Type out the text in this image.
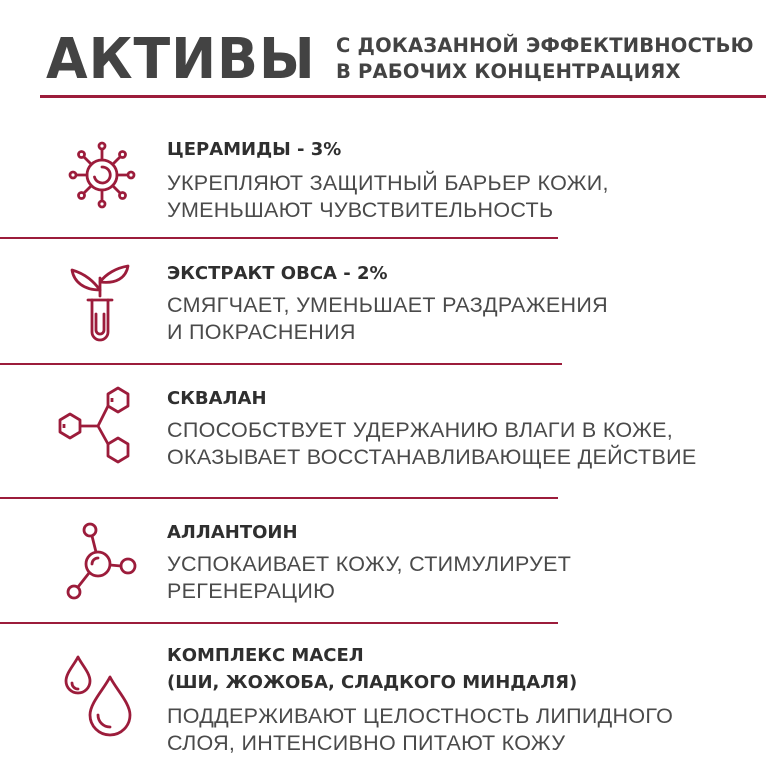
АКТИВЫ С ДОКАЗАННОЙ ЭФФЕКТИВНОСТЬЮ
В РАБОЧИХ КОНЦЕНТРАЦИЯХ
ЦЕРАМИДЫ - 3%
УКРЕПЛЯЮТ ЗАЩИТНЫЙ БАРЬЕР КОЖИ,
УМЕНЬШАЮТ ЧУВСТВИТЕЛЬНОСТЬ
ЭКСТРАКТ ОВСА - 2%
СМЯГЧАЕТ, УМЕНЬШАЕТ РАЗДРАЖЕНИЯ
И ПОКРАСНЕНИЯ
СКВАЛАН
СПОСОБСТВУЕТ УДЕРЖАНИЮ ВЛАГИ В КОЖЕ,
ОКАЗЫВАЕТ ВОССТАНАВЛИВАЮЩЕЕ ДЕЙСТВИЕ
АЛЛАНТОИН
УСПОКАИВАЕТ КОЖУ, СТИМУЛИРУЕТ
РЕГЕНЕРАЦИЮ
КОМПЛЕКС МАСЕЛ
(ШИ, ЖОЖОБА, СЛАДКОГО МИНДАЛЯ)
ПОДДЕРЖИВАЮТ ЦЕЛОСТНОСТЬ ЛИПИДНОГО
СЛОЯ, ИНТЕНСИВНО ПИТАЮТ КОЖУ
